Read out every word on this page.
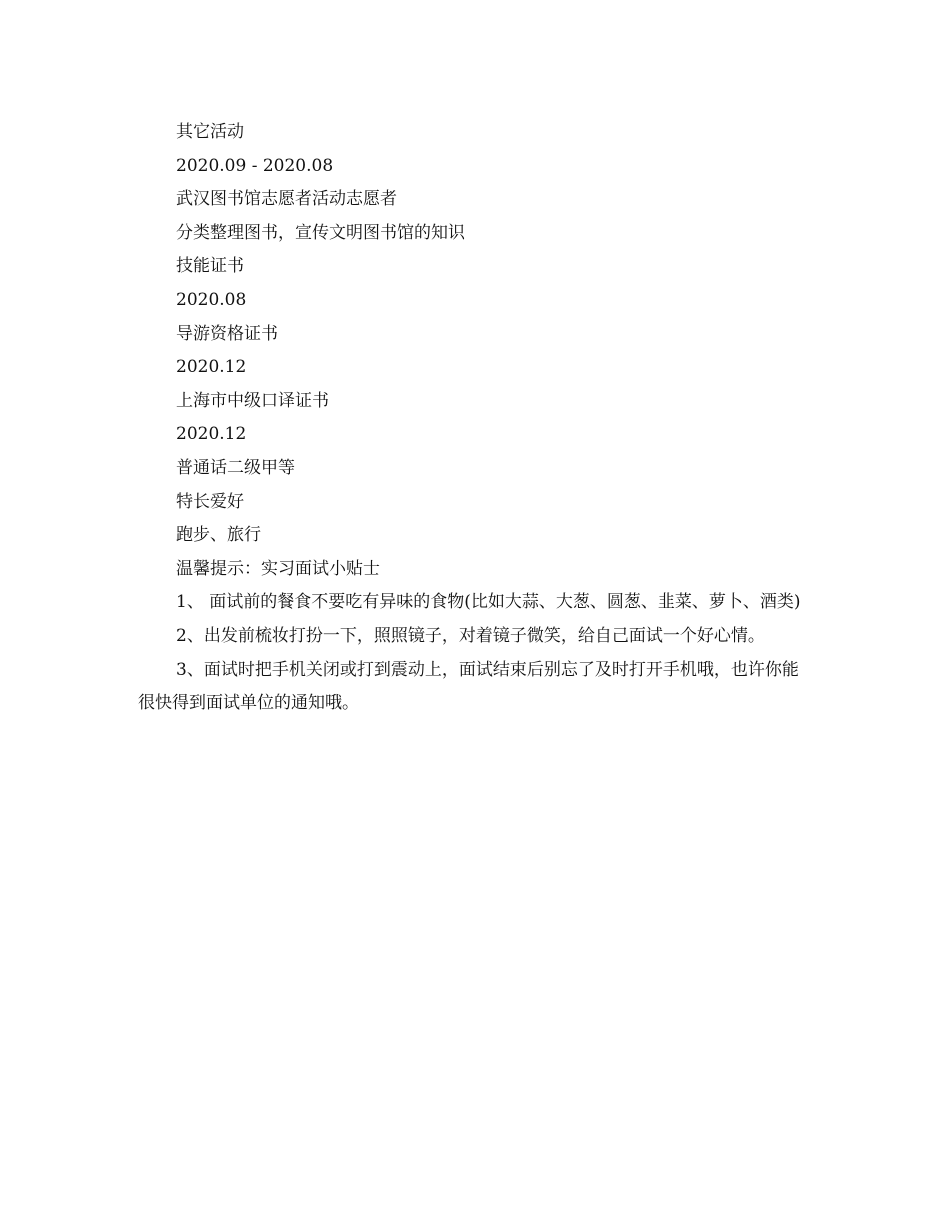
其它活动
2020.09 - 2020.08
武汉图书馆志愿者活动志愿者
分类整理图书，宣传文明图书馆的知识
技能证书
2020.08
导游资格证书
2020.12
上海市中级口译证书
2020.12
普通话二级甲等
特长爱好
跑步、旅行
温馨提示：实习面试小贴士

1、 面试前的餐食不要吃有异味的食物(比如大蒜、大葱、圆葱、韭菜、萝卜、酒类)

2、出发前梳妆打扮一下，照照镜子，对着镜子微笑，给自己面试一个好心情。

3、面试时把手机关闭或打到震动上，面试结束后别忘了及时打开手机哦，也许你能很快得到面试单位的通知哦。
